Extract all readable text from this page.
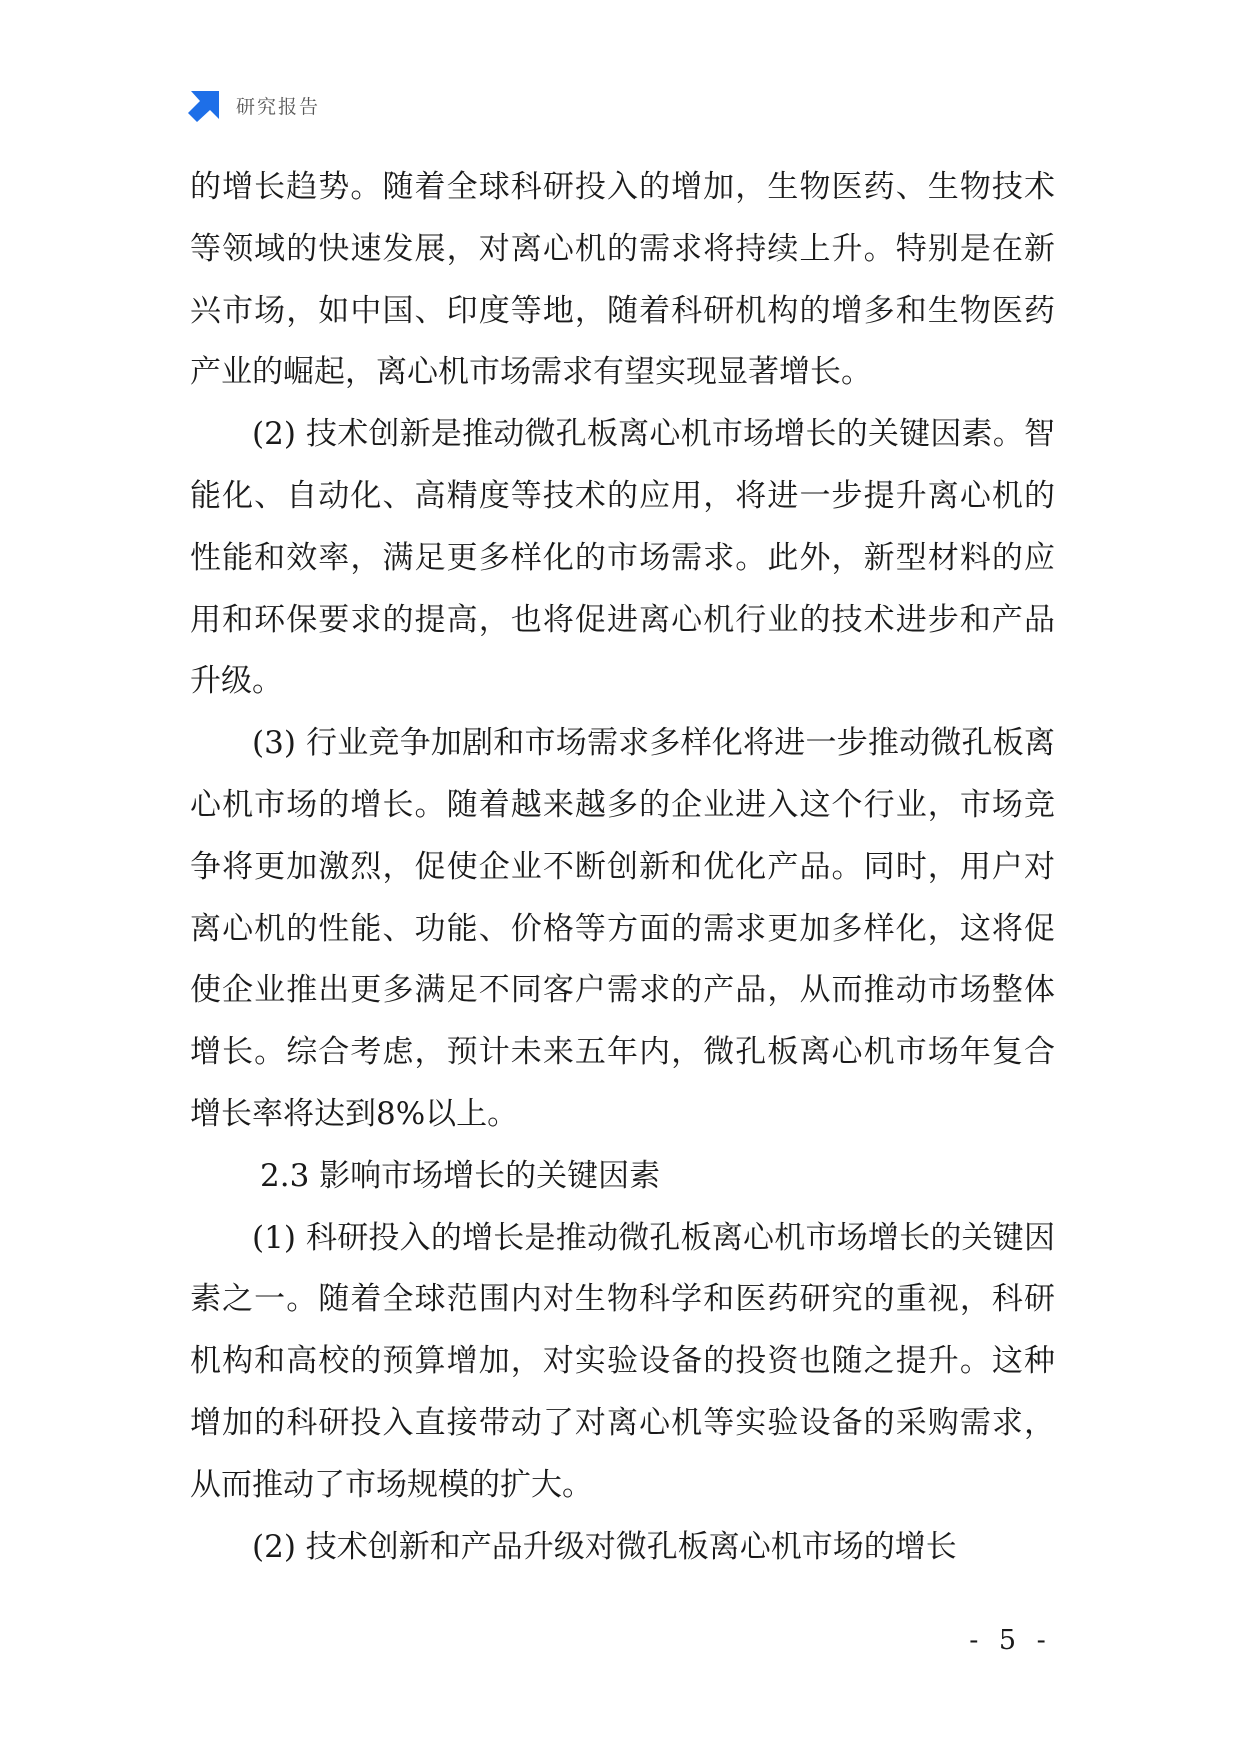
研究报告

的增长趋势。随着全球科研投入的增加，生物医药、生物技术等领域的快速发展，对离心机的需求将持续上升。特别是在新兴市场，如中国、印度等地，随着科研机构的增多和生物医药产业的崛起，离心机市场需求有望实现显著增长。

(2) 技术创新是推动微孔板离心机市场增长的关键因素。智能化、自动化、高精度等技术的应用，将进一步提升离心机的性能和效率，满足更多样化的市场需求。此外，新型材料的应用和环保要求的提高，也将促进离心机行业的技术进步和产品升级。

(3) 行业竞争加剧和市场需求多样化将进一步推动微孔板离心机市场的增长。随着越来越多的企业进入这个行业，市场竞争将更加激烈，促使企业不断创新和优化产品。同时，用户对离心机的性能、功能、价格等方面的需求更加多样化，这将促使企业推出更多满足不同客户需求的产品，从而推动市场整体增长。综合考虑，预计未来五年内，微孔板离心机市场年复合增长率将达到8%以上。

2.3 影响市场增长的关键因素

(1) 科研投入的增长是推动微孔板离心机市场增长的关键因素之一。随着全球范围内对生物科学和医药研究的重视，科研机构和高校的预算增加，对实验设备的投资也随之提升。这种增加的科研投入直接带动了对离心机等实验设备的采购需求，从而推动了市场规模的扩大。

(2) 技术创新和产品升级对微孔板离心机市场的增长

- 5 -
